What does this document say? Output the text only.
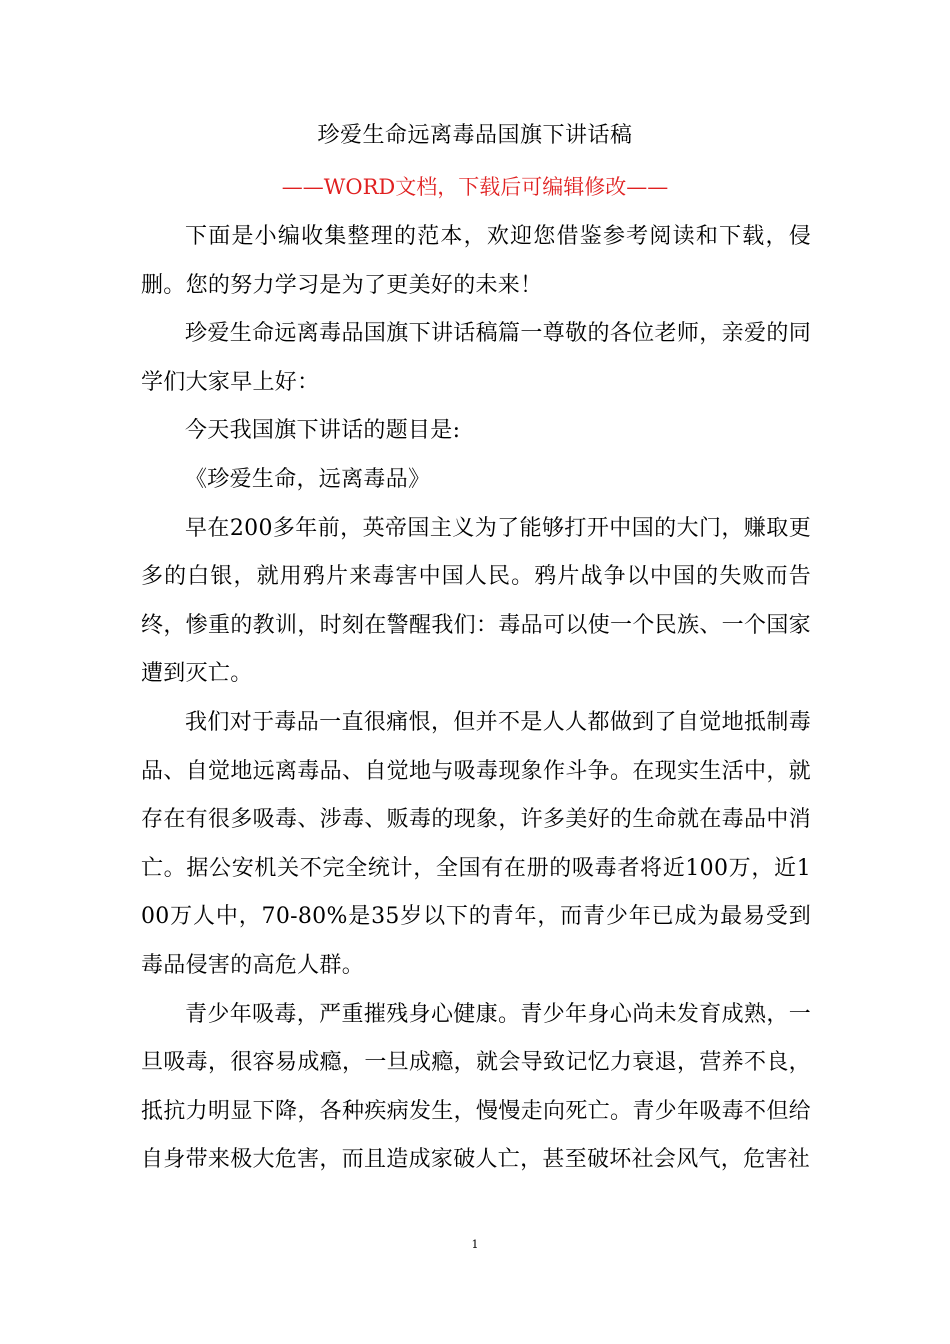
珍爱生命远离毒品国旗下讲话稿
——WORD文档，下载后可编辑修改——

下面是小编收集整理的范本，欢迎您借鉴参考阅读和下载，侵删。您的努力学习是为了更美好的未来！

珍爱生命远离毒品国旗下讲话稿篇一尊敬的各位老师，亲爱的同学们大家早上好：

今天我国旗下讲话的题目是:

《珍爱生命，远离毒品》

早在200多年前，英帝国主义为了能够打开中国的大门，赚取更多的白银，就用鸦片来毒害中国人民。鸦片战争以中国的失败而告终，惨重的教训，时刻在警醒我们：毒品可以使一个民族、一个国家遭到灭亡。

我们对于毒品一直很痛恨，但并不是人人都做到了自觉地抵制毒品、自觉地远离毒品、自觉地与吸毒现象作斗争。在现实生活中，就存在有很多吸毒、涉毒、贩毒的现象，许多美好的生命就在毒品中消亡。据公安机关不完全统计，全国有在册的吸毒者将近100万，近100万人中，70-80%是35岁以下的青年，而青少年已成为最易受到毒品侵害的高危人群。

青少年吸毒，严重摧残身心健康。青少年身心尚未发育成熟，一旦吸毒，很容易成瘾，一旦成瘾，就会导致记忆力衰退，营养不良，抵抗力明显下降，各种疾病发生，慢慢走向死亡。青少年吸毒不但给自身带来极大危害，而且造成家破人亡，甚至破坏社会风气，危害社

1
